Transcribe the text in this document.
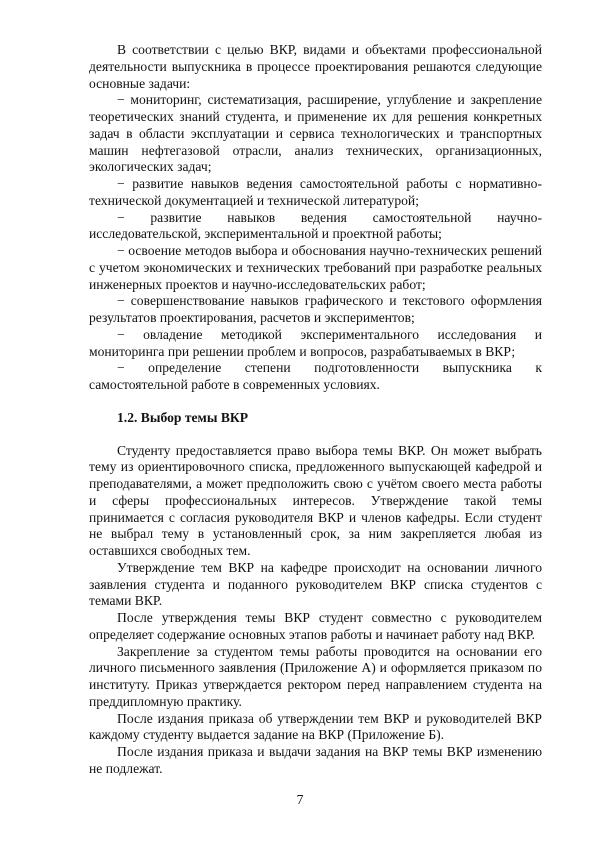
В соответствии с целью ВКР, видами и объектами профессиональной деятельности выпускника в процессе проектирования решаются следующие основные задачи:

− мониторинг, систематизация, расширение, углубление и закрепление теоретических знаний студента, и применение их для решения конкретных задач в области эксплуатации и сервиса технологических и транспортных машин нефтегазовой отрасли, анализ технических, организационных, экологических задач;

− развитие навыков ведения самостоятельной работы с нормативно-технической документацией и технической литературой;

− развитие навыков ведения самостоятельной научно-исследовательской, экспериментальной и проектной работы;

− освоение методов выбора и обоснования научно-технических решений с учетом экономических и технических требований при разработке реальных инженерных проектов и научно-исследовательских работ;

− совершенствование навыков графического и текстового оформления результатов проектирования, расчетов и экспериментов;

− овладение методикой экспериментального исследования и мониторинга при решении проблем и вопросов, разрабатываемых в ВКР;

− определение степени подготовленности выпускника к самостоятельной работе в современных условиях.

1.2. Выбор темы ВКР

Студенту предоставляется право выбора темы ВКР. Он может выбрать тему из ориентировочного списка, предложенного выпускающей кафедрой и преподавателями, а может предположить свою с учётом своего места работы и сферы профессиональных интересов. Утверждение такой темы принимается с согласия руководителя ВКР и членов кафедры. Если студент не выбрал тему в установленный срок, за ним закрепляется любая из оставшихся свободных тем.

Утверждение тем ВКР на кафедре происходит на основании личного заявления студента и поданного руководителем ВКР списка студентов с темами ВКР.

После утверждения темы ВКР студент совместно с руководителем определяет содержание основных этапов работы и начинает работу над ВКР.

Закрепление за студентом темы работы проводится на основании его личного письменного заявления (Приложение А) и оформляется приказом по институту. Приказ утверждается ректором перед направлением студента на преддипломную практику.

После издания приказа об утверждении тем ВКР и руководителей ВКР каждому студенту выдается задание на ВКР (Приложение Б).

После издания приказа и выдачи задания на ВКР темы ВКР изменению не подлежат.

7
